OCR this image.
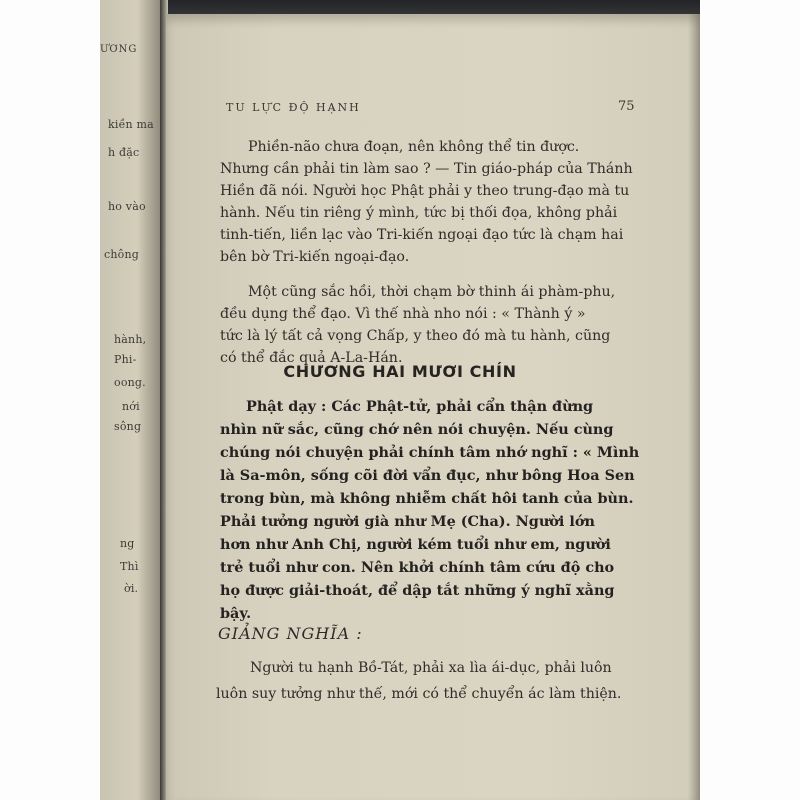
ƯƠNG
kiền ma
h đặc
ho vào
chông
hành,
Phi-
oong.
nới
sông
ng
Thì
ời.
TU LỰC ĐỘ HẠNH	75
Phiền-não chưa đoạn, nên không thể tin được.
Nhưng cần phải tin làm sao ? — Tin giáo-pháp của Thánh
Hiền đã nói. Người học Phật phải y theo trung-đạo mà tu
hành. Nếu tin riêng ý mình, tức bị thối đọa, không phải
tinh-tiến, liền lạc vào Tri-kiến ngoại đạo tức là chạm hai
bên bờ Tri-kiến ngoại-đạo.
Một cũng sắc hồi, thời chạm bờ thinh ái phàm-phu,
đều dụng thể đạo. Vì thế nhà nho nói : « Thành ý »
tức là lý tất cả vọng Chấp, y theo đó mà tu hành, cũng
có thể đắc quả A-La-Hán.
CHƯƠNG HAI MƯƠI CHÍN
Phật dạy : Các Phật-tử, phải cẩn thận đừng
nhìn nữ sắc, cũng chớ nên nói chuyện. Nếu cùng
chúng nói chuyện phải chính tâm nhớ nghĩ : « Mình
là Sa-môn, sống cõi đời vẩn đục, như bông Hoa Sen
trong bùn, mà không nhiễm chất hôi tanh của bùn.
Phải tưởng người già như Mẹ (Cha). Người lớn
hơn như Anh Chị, người kém tuổi như em, người
trẻ tuổi như con. Nên khởi chính tâm cứu độ cho
họ được giải-thoát, để dập tắt những ý nghĩ xằng
bậy.
GIẢNG NGHĨA :
Người tu hạnh Bồ-Tát, phải xa lìa ái-dục, phải luôn
luôn suy tưởng như thế, mới có thể chuyển ác làm thiện.
